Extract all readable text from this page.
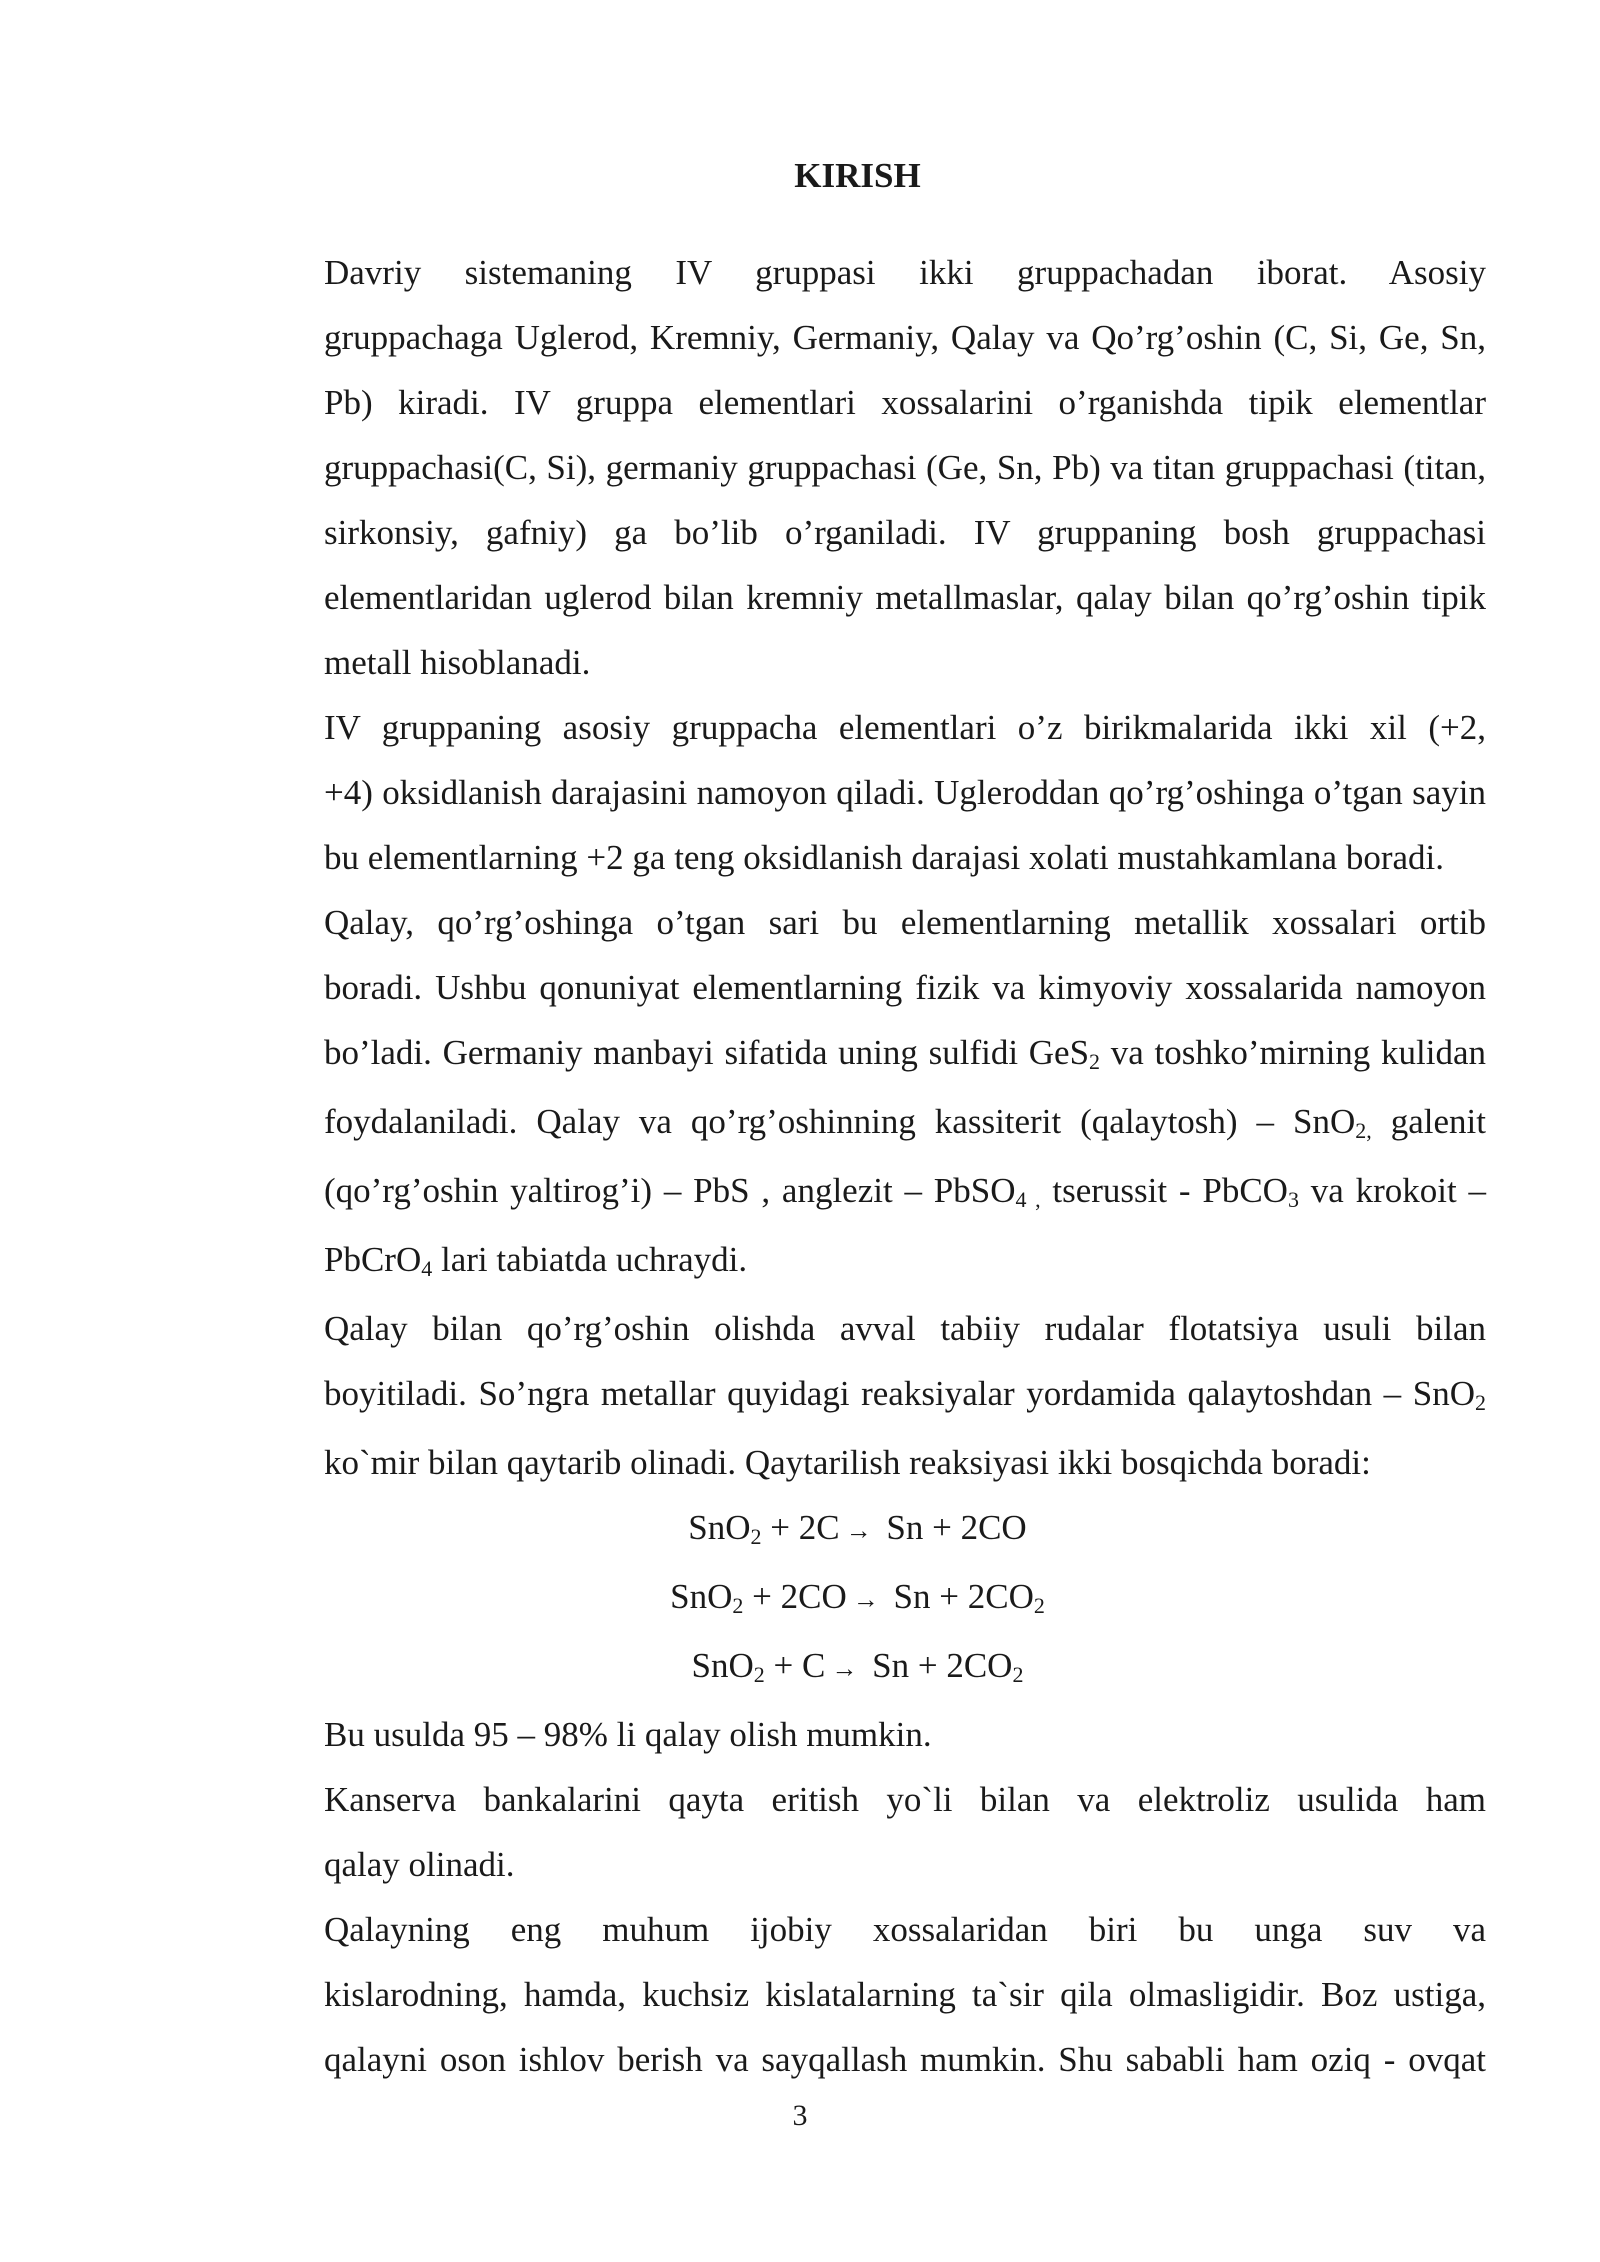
KIRISH

Davriy sistemaning IV gruppasi ikki gruppachadan iborat. Asosiy
gruppachaga Uglerod, Kremniy, Germaniy, Qalay va Qo’rg’oshin (C, Si, Ge, Sn,
Pb) kiradi. IV gruppa elementlari xossalarini o’rganishda tipik elementlar
gruppachasi(C, Si), germaniy gruppachasi (Ge, Sn, Pb) va titan gruppachasi (titan,
sirkonsiy, gafniy) ga bo’lib o’rganiladi. IV gruppaning bosh gruppachasi
elementlaridan uglerod bilan kremniy metallmaslar, qalay bilan qo’rg’oshin tipik
metall hisoblanadi.

IV gruppaning asosiy gruppacha elementlari o’z birikmalarida ikki xil (+2,
+4) oksidlanish darajasini namoyon qiladi. Ugleroddan qo’rg’oshinga o’tgan sayin
bu elementlarning +2 ga teng oksidlanish darajasi xolati mustahkamlana boradi.

Qalay, qo’rg’oshinga o’tgan sari bu elementlarning metallik xossalari ortib
boradi. Ushbu qonuniyat elementlarning fizik va kimyoviy xossalarida namoyon
bo’ladi. Germaniy manbayi sifatida uning sulfidi GeS$_2$ va toshko’mirning kulidan
foydalaniladi. Qalay va qo’rg’oshinning kassiterit (qalaytosh) – SnO$_{2,}$ galenit
(qo’rg’oshin yaltirog’i) – PbS , anglezit – PbSO$_{4 ,}$ tserussit - PbCO$_3$ va krokoit –
PbCrO$_4$ lari tabiatda uchraydi.

Qalay bilan qo’rg’oshin olishda avval tabiiy rudalar flotatsiya usuli bilan
boyitiladi. So’ngra metallar quyidagi reaksiyalar yordamida qalaytoshdan – SnO$_2$
ko`mir bilan qaytarib olinadi. Qaytarilish reaksiyasi ikki bosqichda boradi:

SnO$_2$ + 2C → Sn + 2CO
$SnO_2 + 2CO \to Sn + 2CO_2$
$SnO_2 + C \to Sn + 2CO_2$

Bu usulda 95 – 98% li qalay olish mumkin.

Kanserva bankalarini qayta eritish yo`li bilan va elektroliz usulida ham
qalay olinadi.

Qalayning eng muhum ijobiy xossalaridan biri bu unga suv va
kislarodning, hamda, kuchsiz kislatalarning ta`sir qila olmasligidir. Boz ustiga,
qalayni oson ishlov berish va sayqallash mumkin. Shu sababli ham oziq - ovqat

3
